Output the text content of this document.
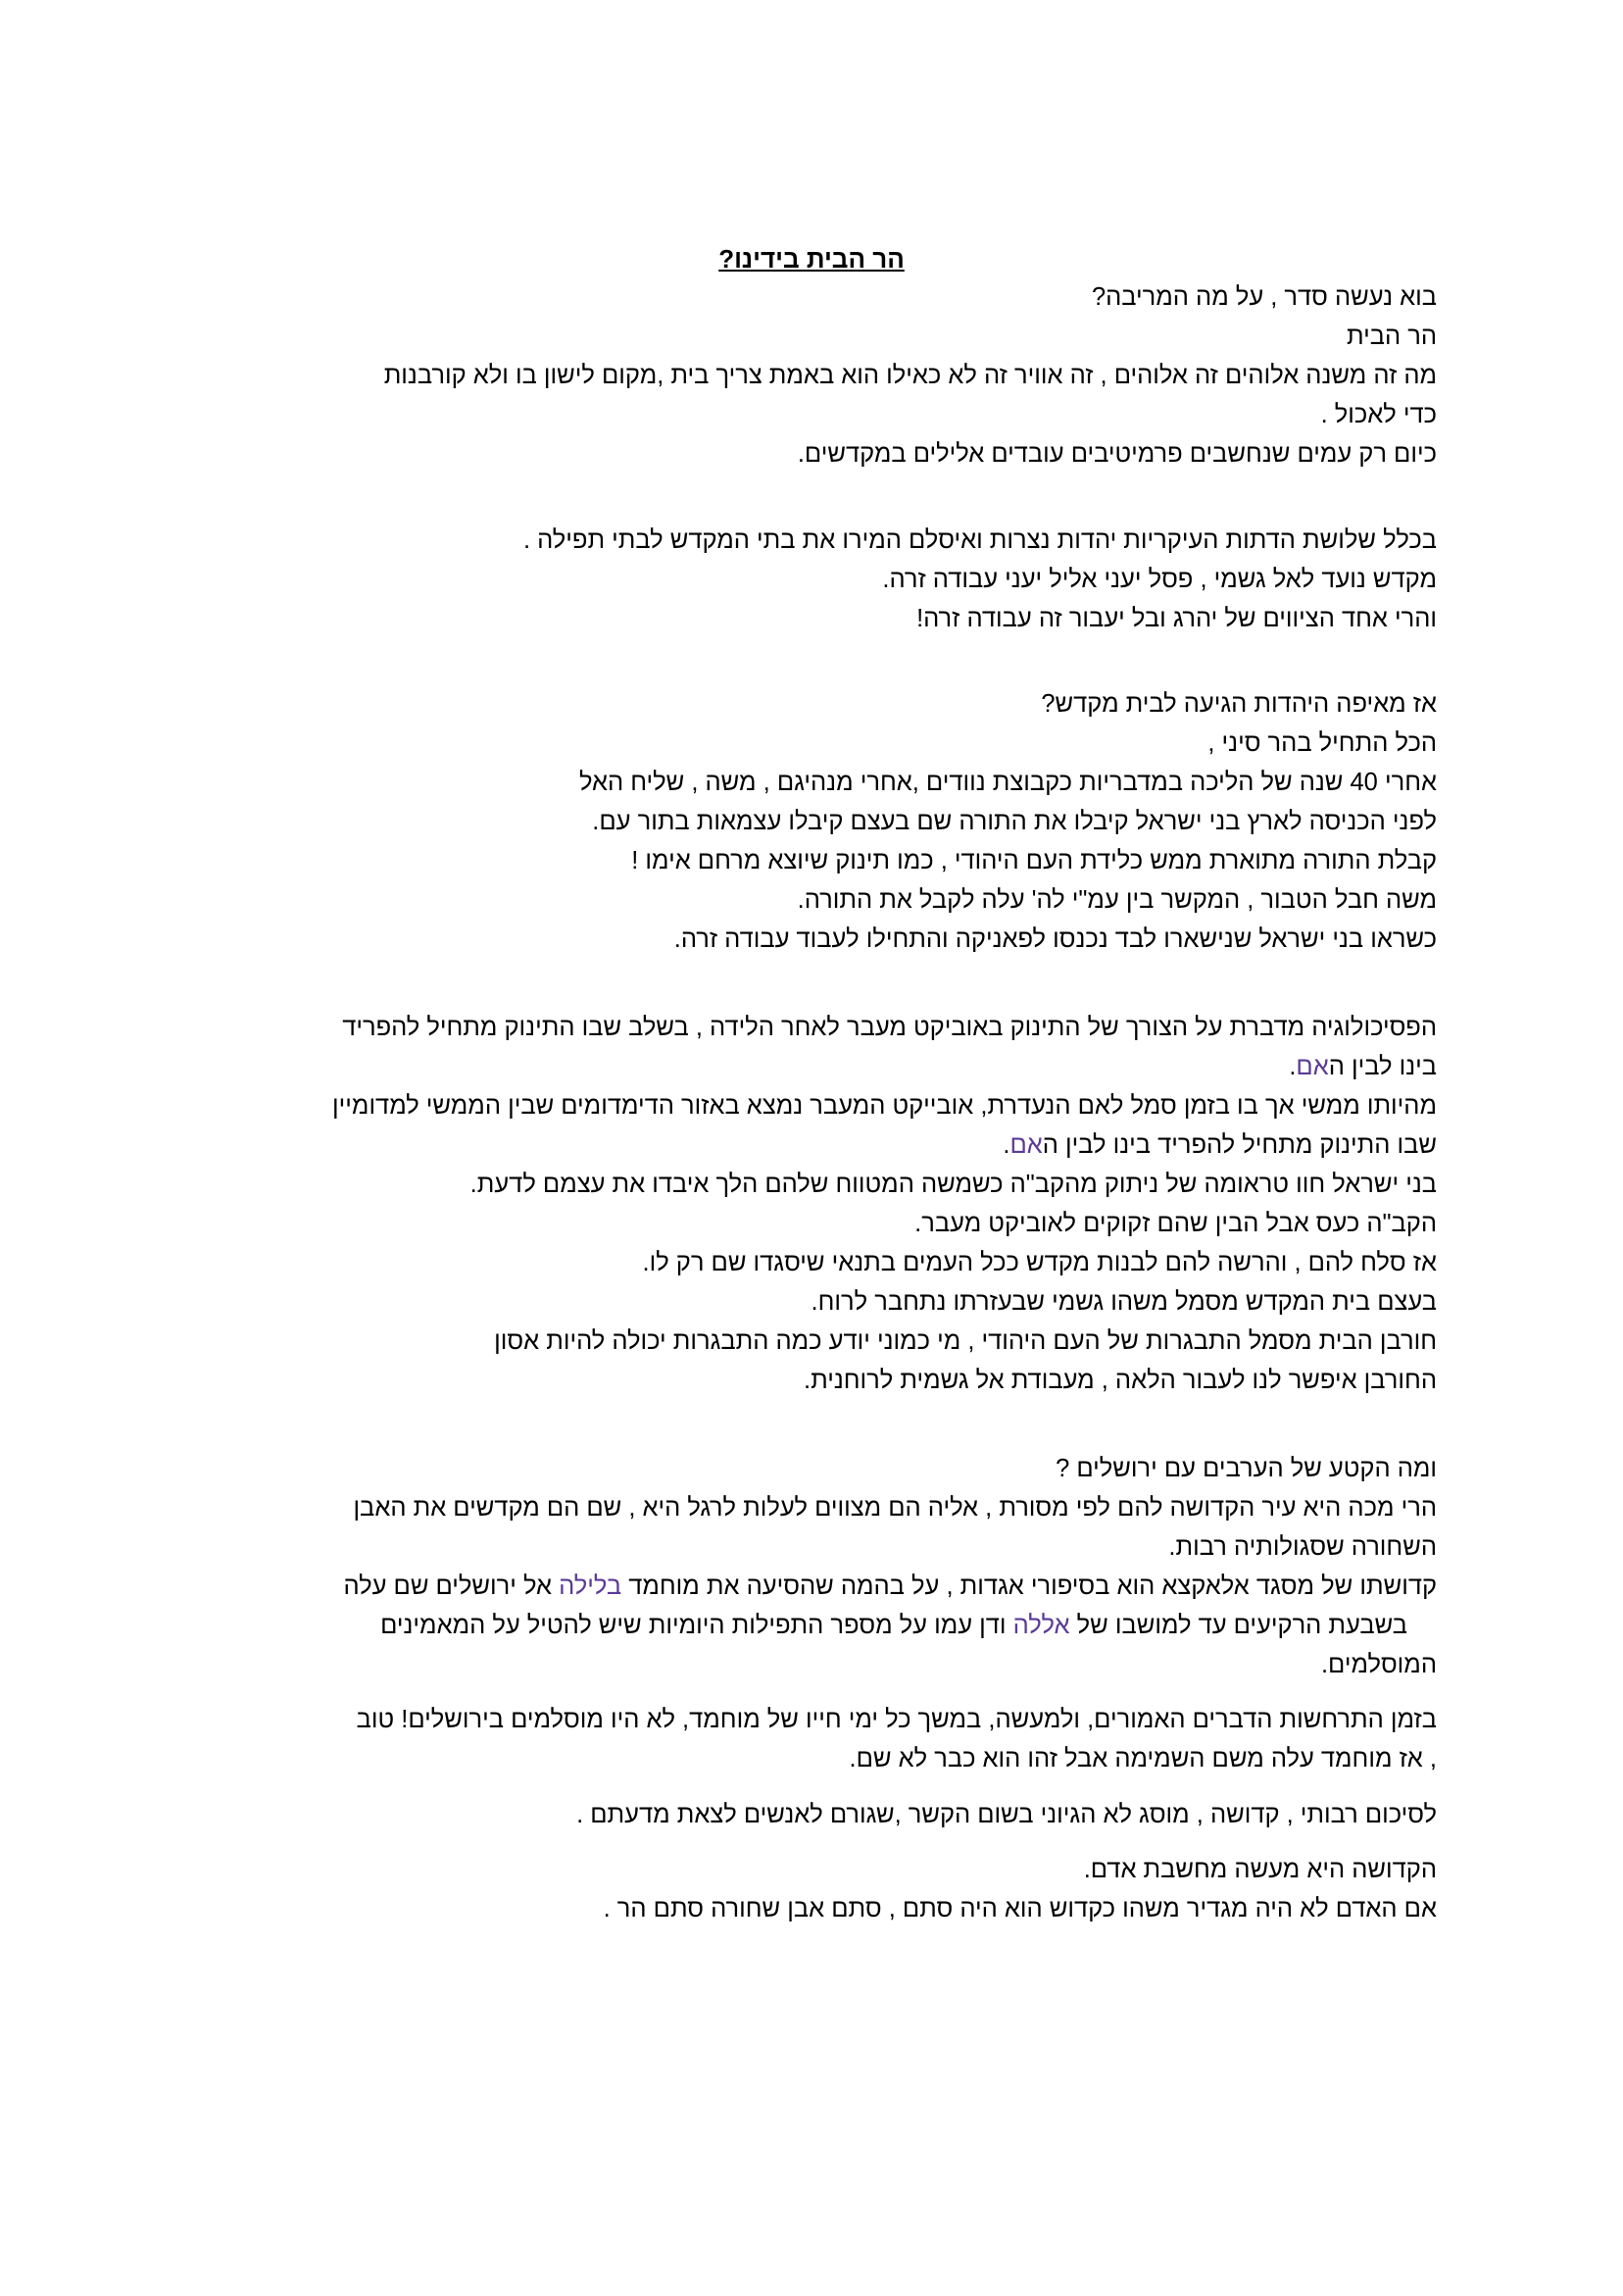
הר הבית בידינו?
בוא נעשה סדר , על מה המריבה?
הר הבית
מה זה משנה אלוהים זה אלוהים , זה אוויר זה לא כאילו הוא באמת צריך בית ,מקום לישון בו ולא קורבנות
כדי לאכול .
כיום רק עמים שנחשבים פרמיטיבים עובדים אלילים במקדשים.
בכלל שלושת הדתות העיקריות יהדות נצרות ואיסלם המירו את בתי המקדש לבתי תפילה .
מקדש נועד לאל גשמי , פסל יעני אליל יעני עבודה זרה.
והרי אחד הציווים של יהרג ובל יעבור זה עבודה זרה!
אז מאיפה היהדות הגיעה לבית מקדש?
הכל התחיל בהר סיני ,
אחרי 40 שנה של הליכה במדבריות כקבוצת נוודים ,אחרי מנהיגם , משה , שליח האל
לפני הכניסה לארץ בני ישראל קיבלו את התורה שם בעצם קיבלו עצמאות בתור עם.
קבלת התורה מתוארת ממש כלידת העם היהודי , כמו תינוק שיוצא מרחם אימו !
משה חבל הטבור , המקשר בין עמ"י לה' עלה לקבל את התורה.
כשראו בני ישראל שנישארו לבד נכנסו לפאניקה והתחילו לעבוד עבודה זרה.
הפסיכולוגיה מדברת על הצורך של התינוק באוביקט מעבר לאחר הלידה , בשלב שבו התינוק מתחיל להפריד
בינו לבין האם.
מהיותו ממשי אך בו בזמן סמל לאם הנעדרת, אובייקט המעבר נמצא באזור הדימדומים שבין הממשי למדומיין
שבו התינוק מתחיל להפריד בינו לבין האם.
בני ישראל חוו טראומה של ניתוק מהקב"ה כשמשה המטווח שלהם הלך איבדו את עצמם לדעת.
הקב"ה כעס אבל הבין שהם זקוקים לאוביקט מעבר.
אז סלח להם , והרשה להם לבנות מקדש ככל העמים בתנאי שיסגדו שם רק לו.
בעצם בית המקדש מסמל משהו גשמי שבעזרתו נתחבר לרוח.
חורבן הבית מסמל התבגרות של העם היהודי , מי כמוני יודע כמה התבגרות יכולה להיות אסון
החורבן איפשר לנו לעבור הלאה , מעבודת אל גשמית לרוחנית.
ומה הקטע של הערבים עם ירושלים ?
הרי מכה היא עיר הקדושה להם לפי מסורת , אליה הם מצווים לעלות לרגל היא , שם הם מקדשים את האבן
השחורה שסגולותיה רבות.
קדושתו של מסגד אלאקצא הוא בסיפורי אגדות , על בהמה שהסיעה את מוחמד בלילה אל ירושלים שם עלה
בשבעת הרקיעים עד למושבו של אללה ודן עמו על מספר התפילות היומיות שיש להטיל על המאמינים
המוסלמים.
בזמן התרחשות הדברים האמורים, ולמעשה, במשך כל ימי חייו של מוחמד, לא היו מוסלמים בירושלים! טוב
, אז מוחמד עלה משם השמימה אבל זהו הוא כבר לא שם.
לסיכום רבותי , קדושה , מוסג לא הגיוני בשום הקשר ,שגורם לאנשים לצאת מדעתם .
הקדושה היא מעשה מחשבת אדם.
אם האדם לא היה מגדיר משהו כקדוש הוא היה סתם , סתם אבן שחורה סתם הר .
